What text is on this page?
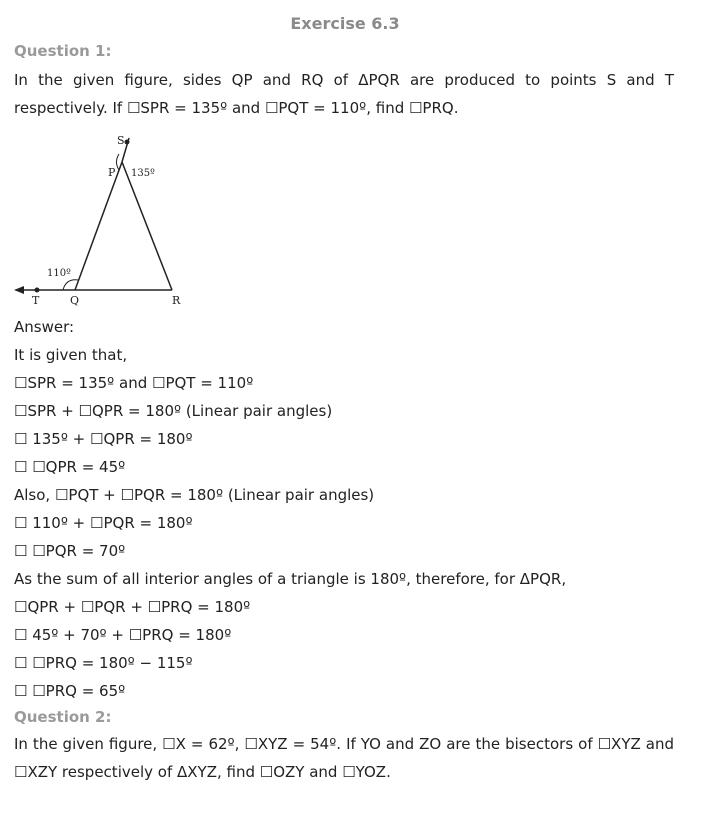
Exercise 6.3
Question 1:
In the given figure, sides QP and RQ of ΔPQR are produced to points S and T respectively. If ☐SPR = 135º and ☐PQT = 110º, find ☐PRQ.
S
P 135º
110º
T	Q	R
Answer:
It is given that,
☐SPR = 135º and ☐PQT = 110º
☐SPR + ☐QPR = 180º (Linear pair angles)
☐ 135º + ☐QPR = 180º
☐ ☐QPR = 45º
Also, ☐PQT + ☐PQR = 180º (Linear pair angles)
☐ 110º + ☐PQR = 180º
☐ ☐PQR = 70º
As the sum of all interior angles of a triangle is 180º, therefore, for ΔPQR,
☐QPR + ☐PQR + ☐PRQ = 180º
☐ 45º + 70º + ☐PRQ = 180º
☐ ☐PRQ = 180º − 115º
☐ ☐PRQ = 65º
Question 2:
In the given figure, ☐X = 62º, ☐XYZ = 54º. If YO and ZO are the bisectors of ☐XYZ and ☐XZY respectively of ΔXYZ, find ☐OZY and ☐YOZ.
